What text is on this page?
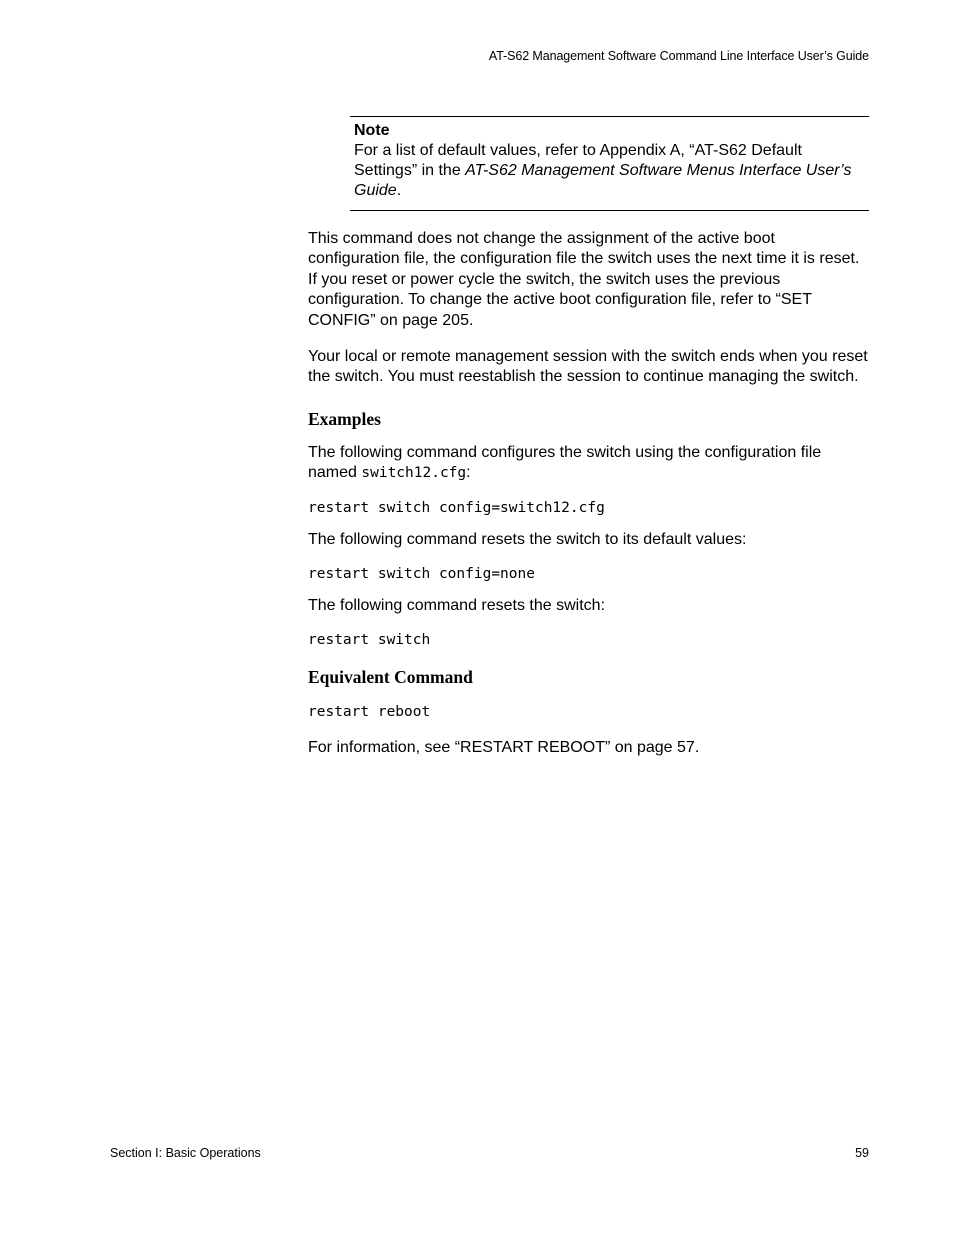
AT-S62 Management Software Command Line Interface User’s Guide
Note
For a list of default values, refer to Appendix A, “AT-S62 Default Settings” in the AT-S62 Management Software Menus Interface User’s Guide.

This command does not change the assignment of the active boot configuration file, the configuration file the switch uses the next time it is reset. If you reset or power cycle the switch, the switch uses the previous configuration. To change the active boot configuration file, refer to “SET CONFIG” on page 205.

Your local or remote management session with the switch ends when you reset the switch. You must reestablish the session to continue managing the switch.

Examples

The following command configures the switch using the configuration file named switch12.cfg:

restart switch config=switch12.cfg

The following command resets the switch to its default values:

restart switch config=none

The following command resets the switch:

restart switch
Equivalent Command
restart reboot

For information, see “RESTART REBOOT” on page 57.

Section I: Basic Operations	59
